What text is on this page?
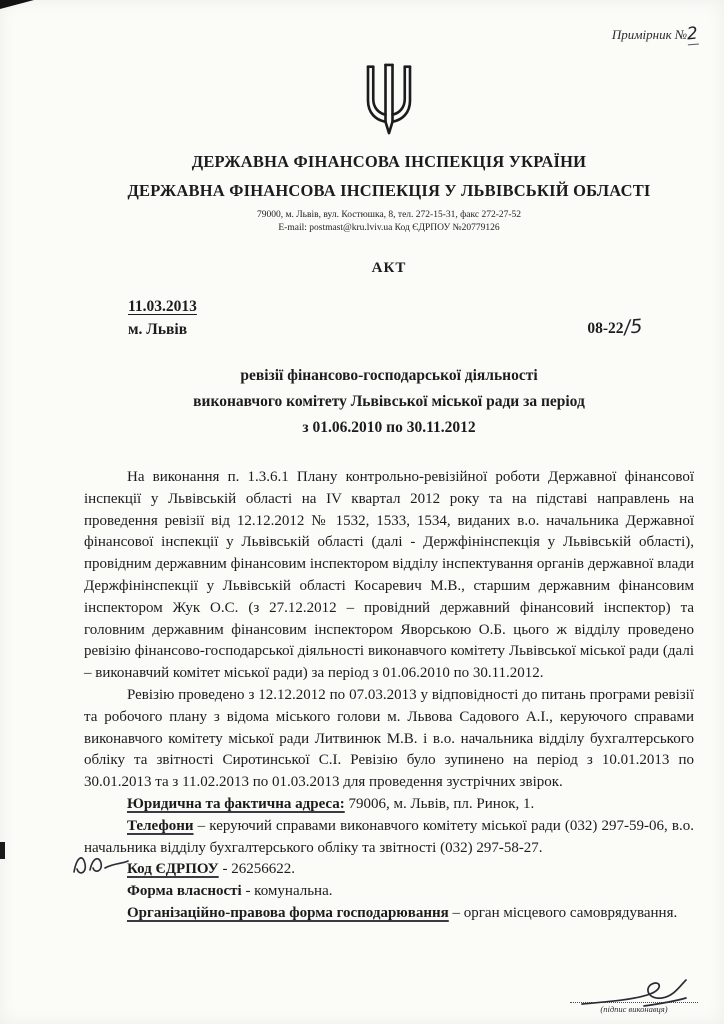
Примірник №2
ДЕРЖАВНА ФІНАНСОВА ІНСПЕКЦІЯ УКРАЇНИ
ДЕРЖАВНА ФІНАНСОВА ІНСПЕКЦІЯ У ЛЬВІВСЬКІЙ ОБЛАСТІ
79000, м. Львів, вул. Костюшка, 8, тел. 272-15-31, факс 272-27-52
E-mail: postmast@kru.lviv.ua Код ЄДРПОУ №20779126
АКТ
11.03.2013
м. Львів	08-22/5
ревізії фінансово-господарської діяльності
виконавчого комітету Львівської міської ради за період
з 01.06.2010 по 30.11.2012

На виконання п. 1.3.6.1 Плану контрольно-ревізійної роботи Державної фінансової інспекції у Львівській області на IV квартал 2012 року та на підставі направлень на проведення ревізії від 12.12.2012 № 1532, 1533, 1534, виданих в.о. начальника Державної фінансової інспекції у Львівській області (далі - Держфінінспекція у Львівській області), провідним державним фінансовим інспектором відділу інспектування органів державної влади Держфінінспекції у Львівській області Косаревич М.В., старшим державним фінансовим інспектором Жук О.С. (з 27.12.2012 – провідний державний фінансовий інспектор) та головним державним фінансовим інспектором Яворською О.Б. цього ж відділу проведено ревізію фінансово-господарської діяльності виконавчого комітету Львівської міської ради (далі – виконавчий комітет міської ради) за період з 01.06.2010 по 30.11.2012.

Ревізію проведено з 12.12.2012 по 07.03.2013 у відповідності до питань програми ревізії та робочого плану з відома міського голови м. Львова Садового А.І., керуючого справами виконавчого комітету міської ради Литвинюк М.В. і в.о. начальника відділу бухгалтерського обліку та звітності Сиротинської С.І. Ревізію було зупинено на період з 10.01.2013 по 30.01.2013 та з 11.02.2013 по 01.03.2013 для проведення зустрічних звірок.

Юридична та фактична адреса: 79006, м. Львів, пл. Ринок, 1.

Телефони – керуючий справами виконавчого комітету міської ради (032) 297-59-06, в.о. начальника відділу бухгалтерського обліку та звітності (032) 297-58-27.

Код ЄДРПОУ - 26256622.

Форма власності - комунальна.

Організаційно-правова форма господарювання – орган місцевого самоврядування.

(підпис виконавця)
